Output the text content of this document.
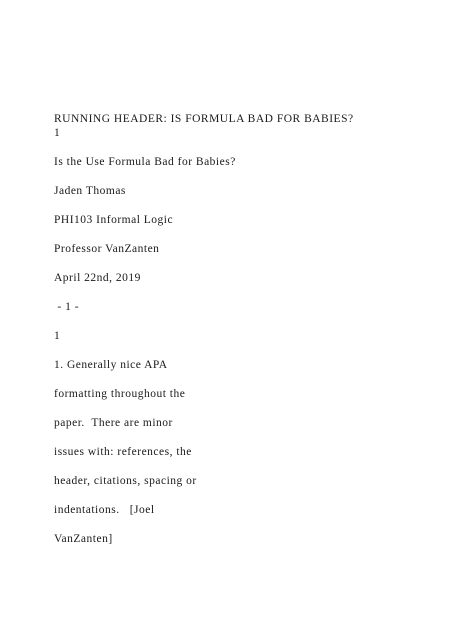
RUNNING HEADER: IS FORMULA BAD FOR BABIES?
1
Is the Use Formula Bad for Babies?
Jaden Thomas
PHI103 Informal Logic
Professor VanZanten
April 22nd, 2019
- 1 -
1
1. Generally nice APA
formatting throughout the
paper.  There are minor
issues with: references, the
header, citations, spacing or
indentations.   [Joel
VanZanten]
